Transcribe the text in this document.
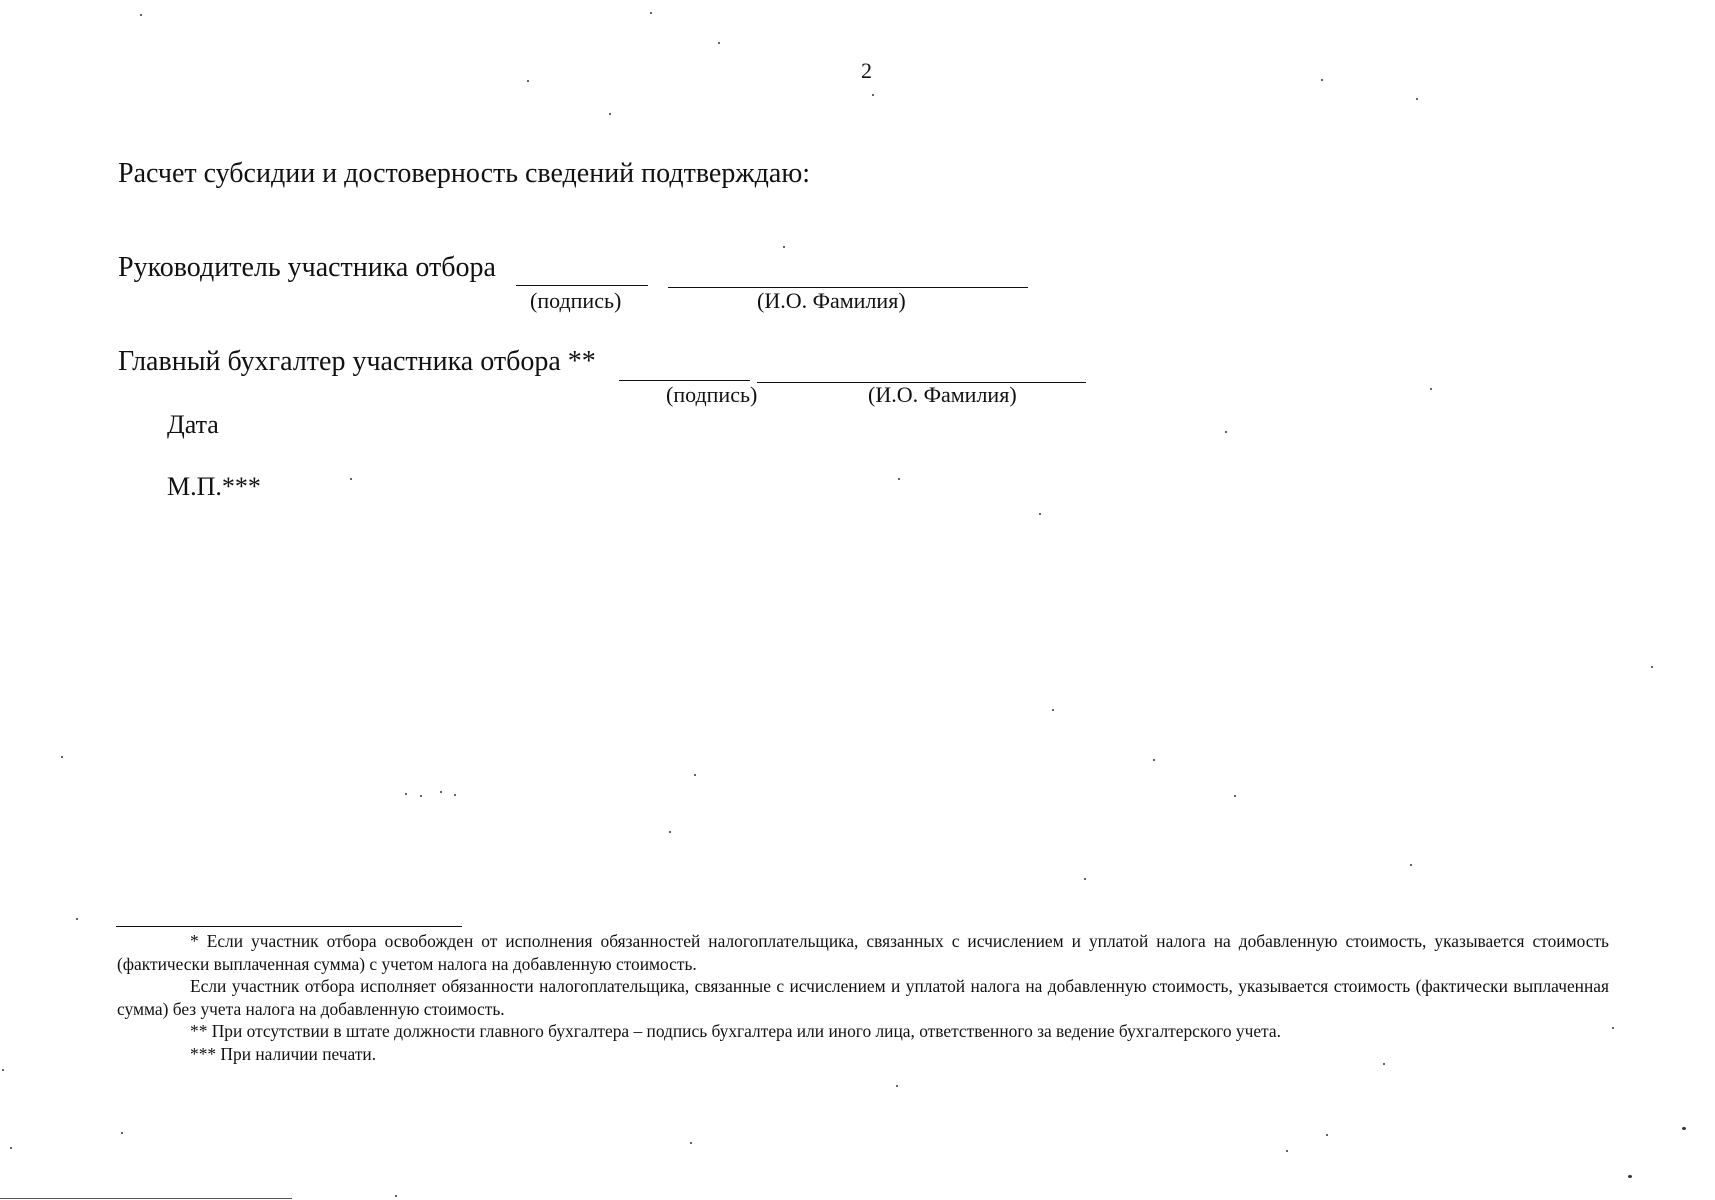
2
Расчет субсидии и достоверность сведений подтверждаю:
Руководитель участника отбора
(подпись)	(И.О. Фамилия)
Главный бухгалтер участника отбора **
(подпись)	(И.О. Фамилия)
Дата
М.П.***

* Если участник отбора освобожден от исполнения обязанностей налогоплательщика, связанных с исчислением и уплатой налога на добавленную стоимость, указывается стоимость (фактически выплаченная сумма) с учетом налога на добавленную стоимость.

Если участник отбора исполняет обязанности налогоплательщика, связанные с исчислением и уплатой налога на добавленную стоимость, указывается стоимость (фактически выплаченная сумма) без учета налога на добавленную стоимость.

** При отсутствии в штате должности главного бухгалтера – подпись бухгалтера или иного лица, ответственного за ведение бухгалтерского учета.

*** При наличии печати.
